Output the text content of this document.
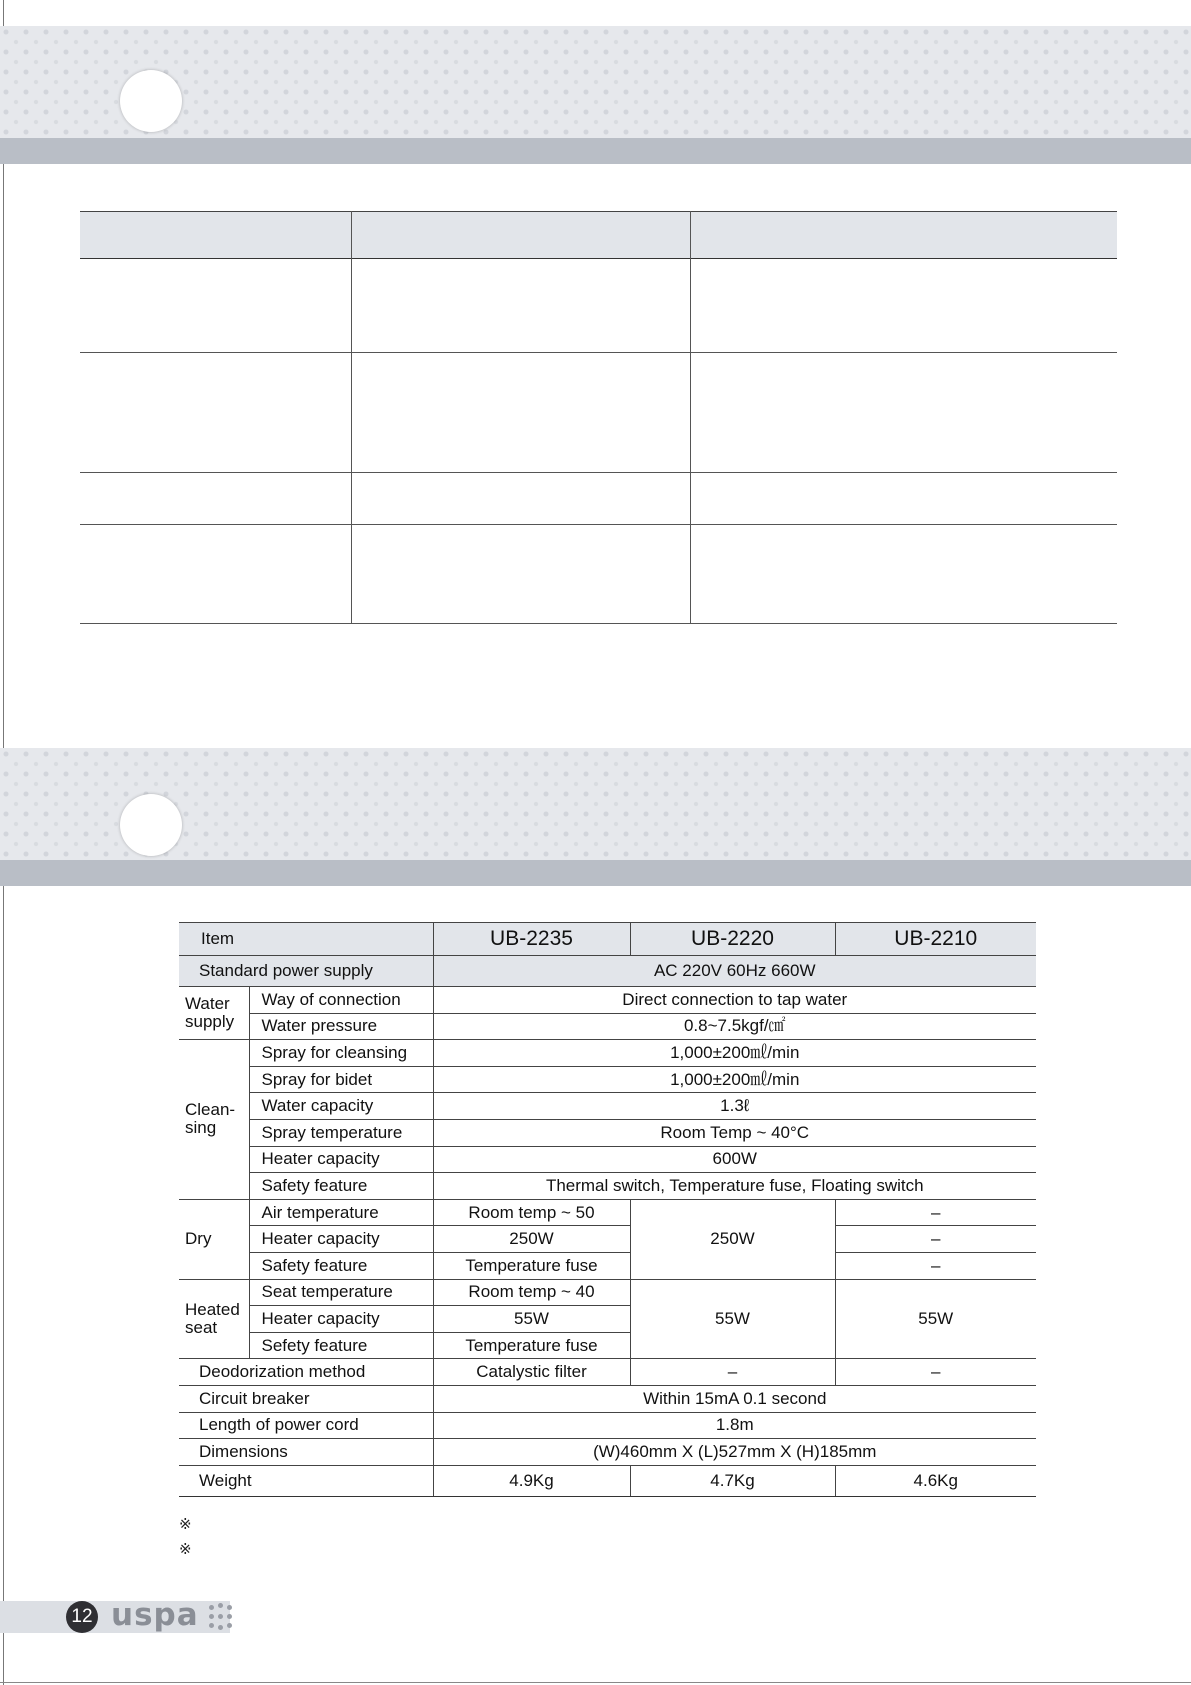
Item		UB-2235	UB-2220	UB-2210
Standard power supply		AC 220V 60Hz 660W		
Water
supply	Way of connection	Direct connection to tap water		
	Water pressure	0.8~7.5kgf/㎠		
Clean-
sing	Spray for cleansing	1,000±200㎖/min		
	Spray for bidet	1,000±200㎖/min		
	Water capacity	1.3ℓ		
	Spray temperature	Room Temp ~ 40°C		
	Heater capacity	600W		
	Safety feature	Thermal switch, Temperature fuse, Floating switch		
Dry	Air temperature	Room temp ~ 50	250W	–
	Heater capacity	250W		–
	Safety feature	Temperature fuse		–
Heated
seat	Seat temperature	Room temp ~ 40	55W	55W
	Heater capacity	55W		
	Sefety feature	Temperature fuse		
Deodorization method		Catalystic filter	–	–
Circuit breaker		Within 15mA 0.1 second		
Length of power cord		1.8m		
Dimensions		(W)460mm X (L)527mm X (H)185mm		
Weight		4.9Kg	4.7Kg	4.6Kg
※
※
12 uspa
